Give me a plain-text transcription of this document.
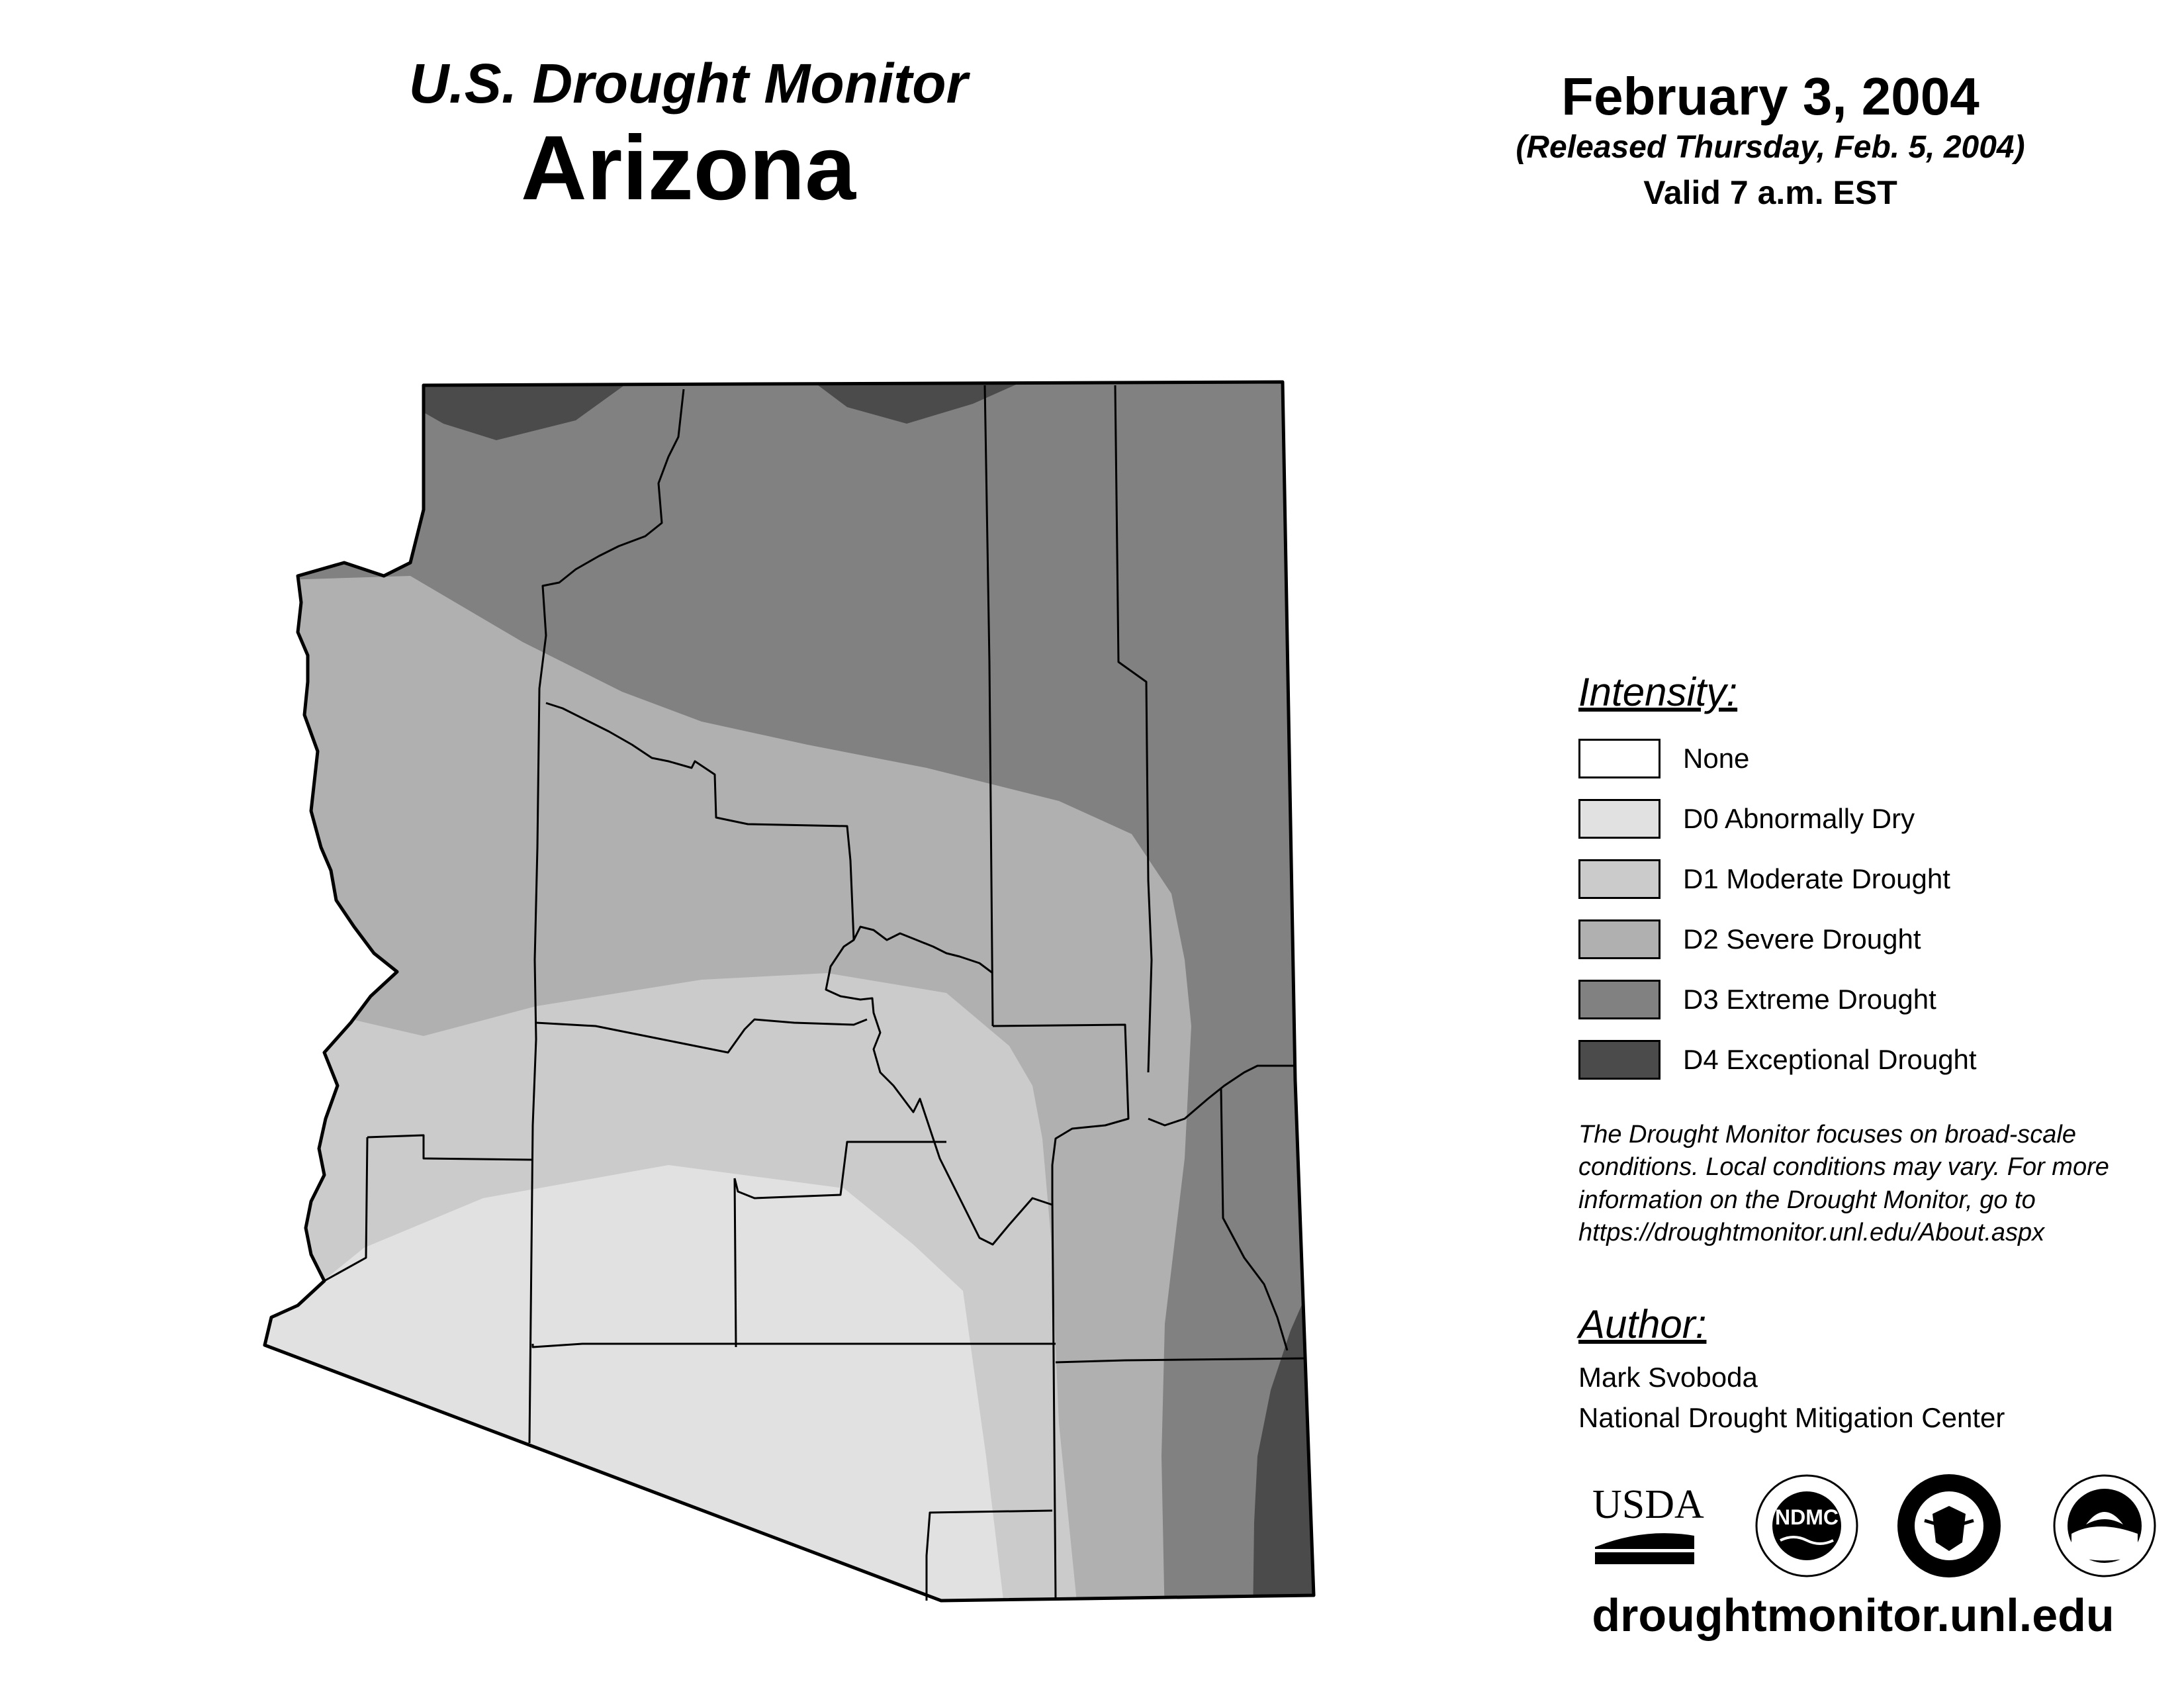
U.S. Drought Monitor
Arizona
February 3, 2004
(Released Thursday, Feb. 5, 2004)
Valid 7 a.m. EST
Intensity:
None
D0 Abnormally Dry
D1 Moderate Drought
D2 Severe Drought
D3 Extreme Drought
D4 Exceptional Drought
The Drought Monitor focuses on broad-scale conditions. Local conditions may vary. For more information on the Drought Monitor, go to https://droughtmonitor.unl.edu/About.aspx
Author:
Mark Svoboda
National Drought Mitigation Center
USDA	NDMC
droughtmonitor.unl.edu
